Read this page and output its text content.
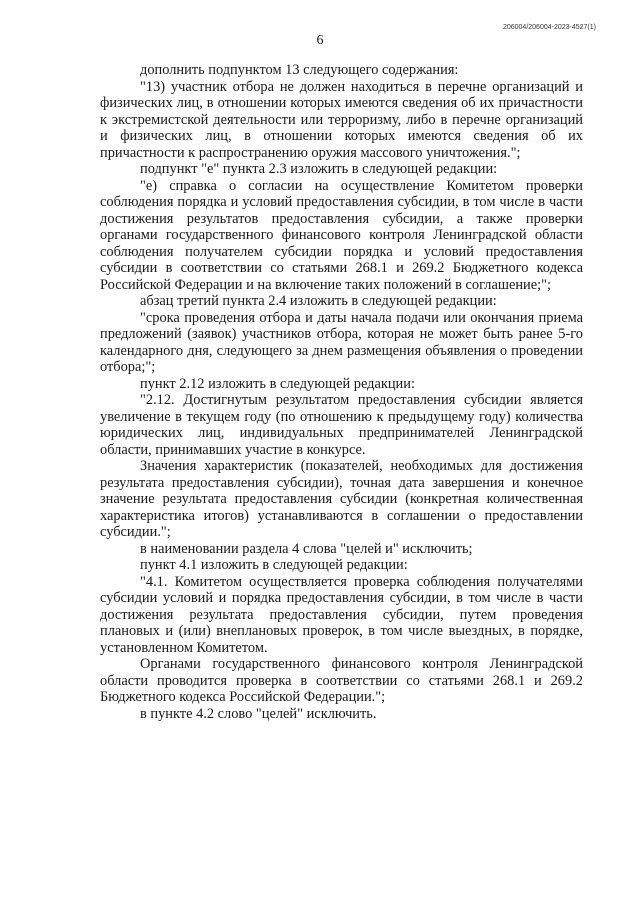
206004/206004-2023-4527(1)
6

дополнить подпунктом 13 следующего содержания:

"13) участник отбора не должен находиться в перечне организаций и физических лиц, в отношении которых имеются сведения об их причастности к экстремистской деятельности или терроризму, либо в перечне организаций и физических лиц, в отношении которых имеются сведения об их причастности к распространению оружия массового уничтожения.";

подпункт "е" пункта 2.3 изложить в следующей редакции:

"е) справка о согласии на осуществление Комитетом проверки соблюдения порядка и условий предоставления субсидии, в том числе в части достижения результатов предоставления субсидии, а также проверки органами государственного финансового контроля Ленинградской области соблюдения получателем субсидии порядка и условий предоставления субсидии в соответствии со статьями 268.1 и 269.2 Бюджетного кодекса Российской Федерации и на включение таких положений в соглашение;";

абзац третий пункта 2.4 изложить в следующей редакции:

"срока проведения отбора и даты начала подачи или окончания приема предложений (заявок) участников отбора, которая не может быть ранее 5-го календарного дня, следующего за днем размещения объявления о проведении отбора;";

пункт 2.12 изложить в следующей редакции:

"2.12. Достигнутым результатом предоставления субсидии является увеличение в текущем году (по отношению к предыдущему году) количества юридических лиц, индивидуальных предпринимателей Ленинградской области, принимавших участие в конкурсе.

Значения характеристик (показателей, необходимых для достижения результата предоставления субсидии), точная дата завершения и конечное значение результата предоставления субсидии (конкретная количественная характеристика итогов) устанавливаются в соглашении о предоставлении субсидии.";

в наименовании раздела 4 слова "целей и" исключить;

пункт 4.1 изложить в следующей редакции:

"4.1. Комитетом осуществляется проверка соблюдения получателями субсидии условий и порядка предоставления субсидии, в том числе в части достижения результата предоставления субсидии, путем проведения плановых и (или) внеплановых проверок, в том числе выездных, в порядке, установленном Комитетом.

Органами государственного финансового контроля Ленинградской области проводится проверка в соответствии со статьями 268.1 и 269.2 Бюджетного кодекса Российской Федерации.";

в пункте 4.2 слово "целей" исключить.
